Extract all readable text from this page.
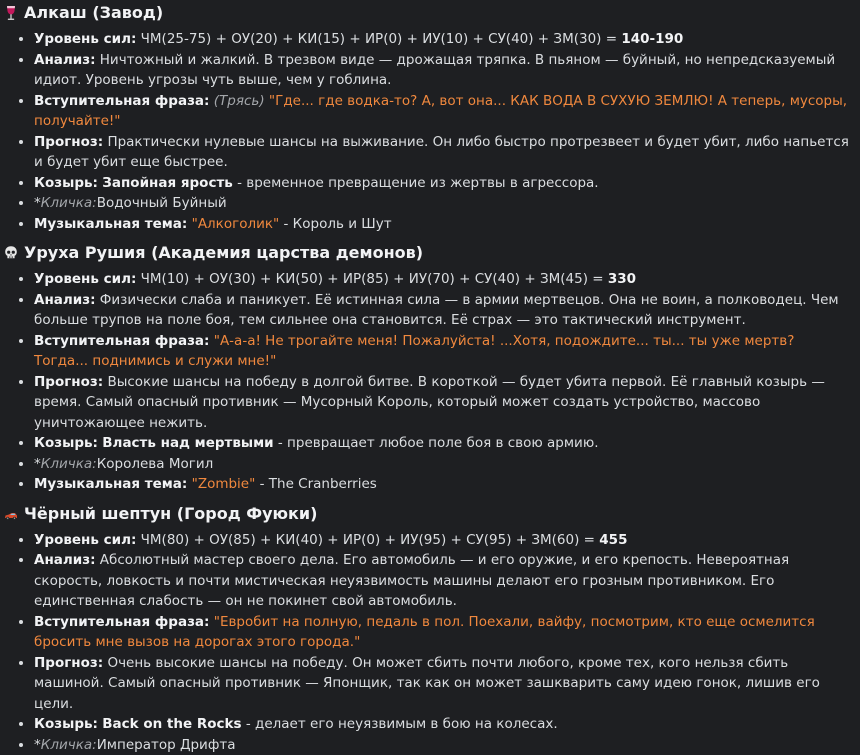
Алкаш (Завод)
• Уровень сил: ЧМ(25-75) + ОУ(20) + КИ(15) + ИР(0) + ИУ(10) + СУ(40) + ЗМ(30) = 140-190
• Анализ: Ничтожный и жалкий. В трезвом виде — дрожащая тряпка. В пьяном — буйный, но непредсказуемый идиот. Уровень угрозы чуть выше, чем у гоблина.
• Вступительная фраза: (Трясь) "Где... где водка-то? А, вот она... КАК ВОДА В СУХУЮ ЗЕМЛЮ! А теперь, мусоры, получайте!"
• Прогноз: Практически нулевые шансы на выживание. Он либо быстро протрезвеет и будет убит, либо напьется и будет убит еще быстрее.
• Козырь: Запойная ярость - временное превращение из жертвы в агрессора.
• *Кличка:Водочный Буйный
• Музыкальная тема: "Алкоголик" - Король и Шут
Уруха Рушия (Академия царства демонов)
• Уровень сил: ЧМ(10) + ОУ(30) + КИ(50) + ИР(85) + ИУ(70) + СУ(40) + ЗМ(45) = 330
• Анализ: Физически слаба и паникует. Её истинная сила — в армии мертвецов. Она не воин, а полководец. Чем больше трупов на поле боя, тем сильнее она становится. Её страх — это тактический инструмент.
• Вступительная фраза: "А-а-а! Не трогайте меня! Пожалуйста! ...Хотя, подождите... ты... ты уже мертв? Тогда... поднимись и служи мне!"
• Прогноз: Высокие шансы на победу в долгой битве. В короткой — будет убита первой. Её главный козырь — время. Самый опасный противник — Мусорный Король, который может создать устройство, массово уничтожающее нежить.
• Козырь: Власть над мертвыми - превращает любое поле боя в свою армию.
• *Кличка:Королева Могил
• Музыкальная тема: "Zombie" - The Cranberries
Чёрный шептун (Город Фуюки)
• Уровень сил: ЧМ(80) + ОУ(85) + КИ(40) + ИР(0) + ИУ(95) + СУ(95) + ЗМ(60) = 455
• Анализ: Абсолютный мастер своего дела. Его автомобиль — и его оружие, и его крепость. Невероятная скорость, ловкость и почти мистическая неуязвимость машины делают его грозным противником. Его единственная слабость — он не покинет свой автомобиль.
• Вступительная фраза: "Евробит на полную, педаль в пол. Поехали, вайфу, посмотрим, кто еще осмелится бросить мне вызов на дорогах этого города."
• Прогноз: Очень высокие шансы на победу. Он может сбить почти любого, кроме тех, кого нельзя сбить машиной. Самый опасный противник — Японщик, так как он может зашкварить саму идею гонок, лишив его цели.
• Козырь: Back on the Rocks - делает его неуязвимым в бою на колесах.
• *Кличка:Император Дрифта
